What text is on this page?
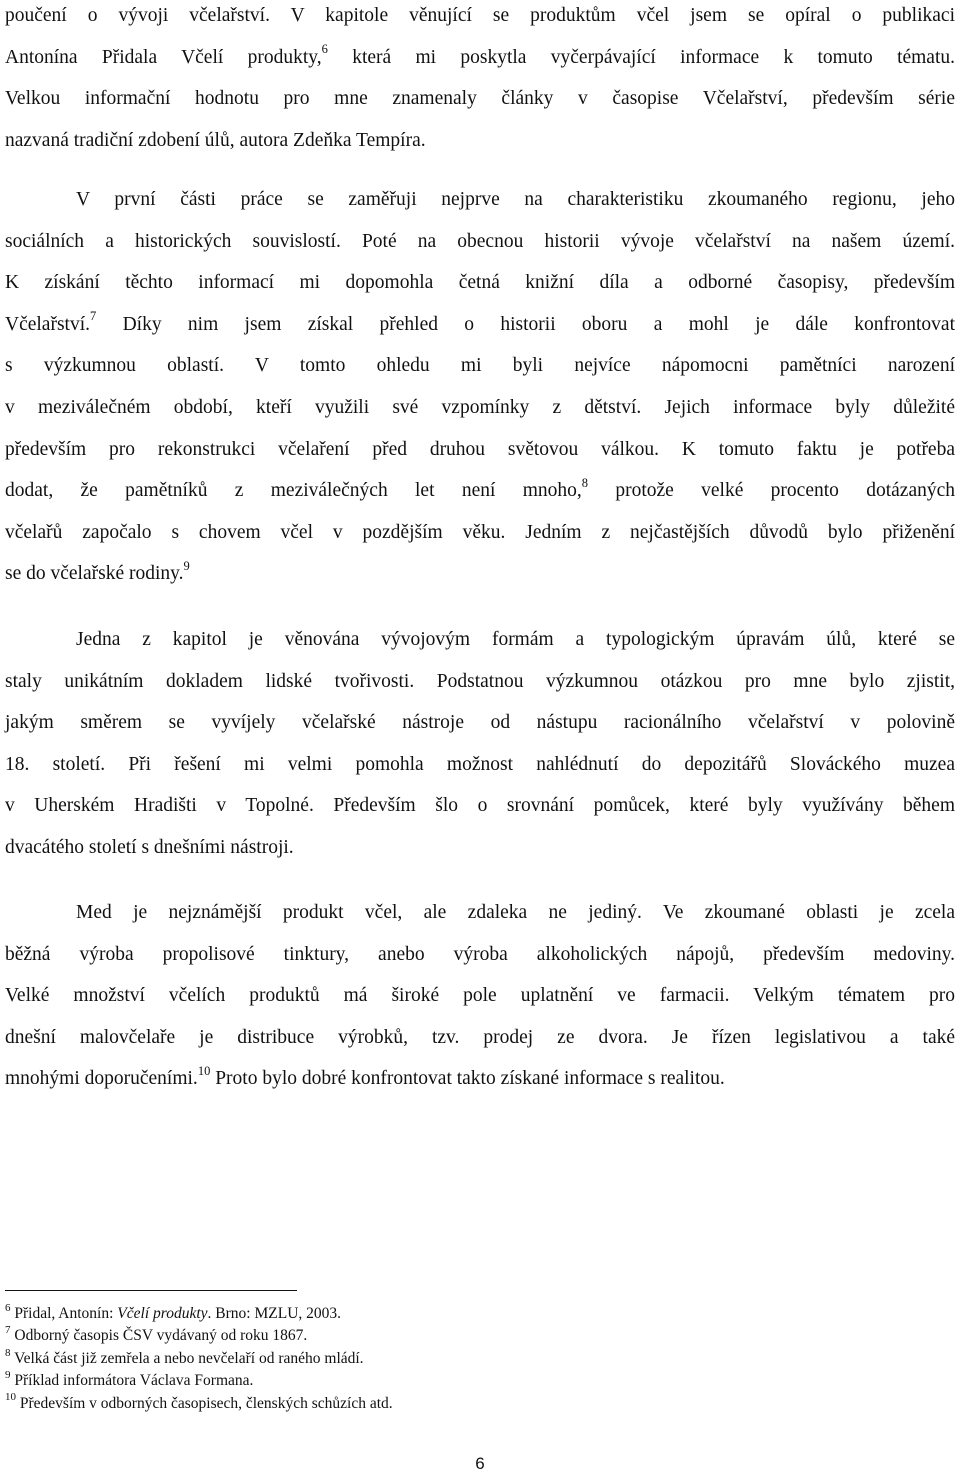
poučení o vývoji včelařství. V kapitole věnující se produktům včel jsem se opíral o publikaci
Antonína Přidala Včelí produkty,$^6$ která mi poskytla vyčerpávající informace k tomuto tématu.
Velkou informační hodnotu pro mne znamenaly články v časopise Včelařství, především série
nazvaná tradiční zdobení úlů, autora Zdeňka Tempíra.
V první části práce se zaměřuji nejprve na charakteristiku zkoumaného regionu, jeho
sociálních a historických souvislostí. Poté na obecnou historii vývoje včelařství na našem území.
K získání těchto informací mi dopomohla četná knižní díla a odborné časopisy, především
Včelařství.$^7$ Díky nim jsem získal přehled o historii oboru a mohl je dále konfrontovat
s výzkumnou oblastí. V tomto ohledu mi byli nejvíce nápomocni pamětníci narození
v meziválečném období, kteří využili své vzpomínky z dětství. Jejich informace byly důležité
především pro rekonstrukci včelaření před druhou světovou válkou. K tomuto faktu je potřeba
dodat, že pamětníků z meziválečných let není mnoho,$^8$ protože velké procento dotázaných
včelařů započalo s chovem včel v pozdějším věku. Jedním z nejčastějších důvodů bylo přiženění
se do včelařské rodiny.$^9$
Jedna z kapitol je věnována vývojovým formám a typologickým úpravám úlů, které se
staly unikátním dokladem lidské tvořivosti. Podstatnou výzkumnou otázkou pro mne bylo zjistit,
jakým směrem se vyvíjely včelařské nástroje od nástupu racionálního včelařství v polovině
18. století. Při řešení mi velmi pomohla možnost nahlédnutí do depozitářů Slováckého muzea
v Uherském Hradišti v Topolné. Především šlo o srovnání pomůcek, které byly využívány během
dvacátého století s dnešními nástroji.
Med je nejznámější produkt včel, ale zdaleka ne jediný. Ve zkoumané oblasti je zcela
běžná výroba propolisové tinktury, anebo výroba alkoholických nápojů, především medoviny.
Velké množství včelích produktů má široké pole uplatnění ve farmacii. Velkým tématem pro
dnešní malovčelaře je distribuce výrobků, tzv. prodej ze dvora. Je řízen legislativou a také
mnohými doporučeními.$^{10}$ Proto bylo dobré konfrontovat takto získané informace s realitou.
$^6$ Přidal, Antonín: Včelí produkty. Brno: MZLU, 2003.
$^7$ Odborný časopis ČSV vydávaný od roku 1867.
$^8$ Velká část již zemřela a nebo nevčelaří od raného mládí.
$^9$ Příklad informátora Václava Formana.
$^{10}$ Především v odborných časopisech, členských schůzích atd.
6
